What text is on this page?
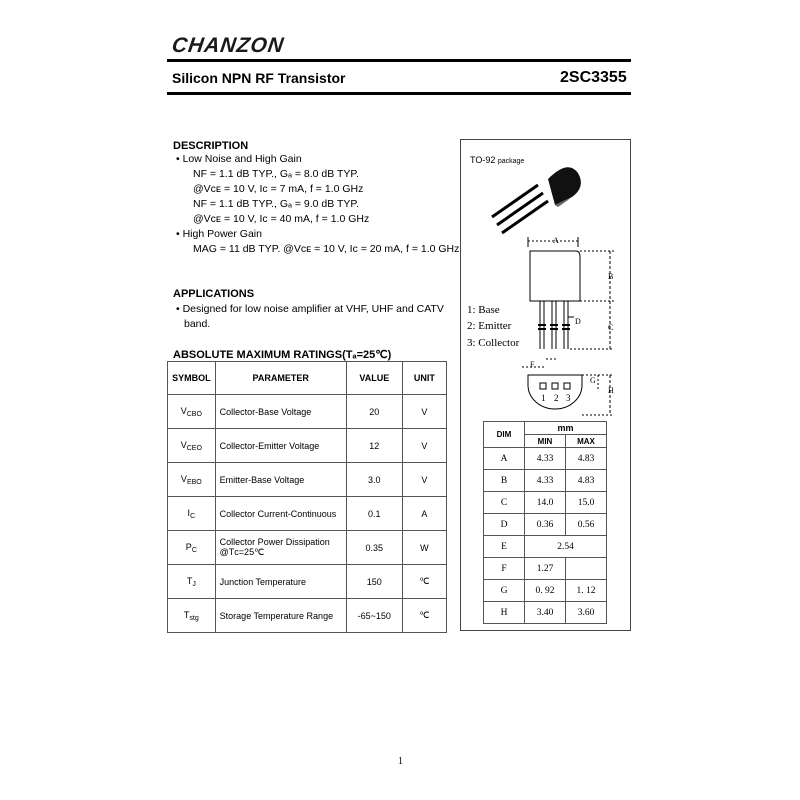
CHANZON
Silicon NPN RF Transistor	2SC3355
DESCRIPTION
• Low Noise and High Gain
NF = 1.1 dB TYP., Gₐ = 8.0 dB TYP.
@Vᴄᴇ = 10 V, Iᴄ = 7 mA, f = 1.0 GHz
NF = 1.1 dB TYP., Gₐ = 9.0 dB TYP.
@Vᴄᴇ = 10 V, Iᴄ = 40 mA, f = 1.0 GHz
• High Power Gain
MAG = 11 dB TYP. @Vᴄᴇ = 10 V, Iᴄ = 20 mA, f = 1.0 GHz
APPLICATIONS
• Designed for low noise amplifier at VHF, UHF and CATV
band.
ABSOLUTE MAXIMUM RATINGS(Tₐ=25℃)
SYMBOL	PARAMETER	VALUE	UNIT
$V_{CBO}$	Collector-Base Voltage	20	V
$V_{CEO}$	Collector-Emitter Voltage	12	V
$V_{EBO}$	Emitter-Base Voltage	3.0	V
$I_C$	Collector Current-Continuous	0.1	A
$P_C$	Collector Power Dissipation
@Tᴄ=25℃	0.35	W
$T_J$	Junction Temperature	150	℃
$T_{stg}$	Storage Temperature Range	-65~150	℃
TO-92 package
A
B
C
D
F
G
H
1 2 3
1: Base
2: Emitter
3: Collector
DIM	mm	
	MIN	MAX
A	4.33	4.83
B	4.33	4.83
C	14.0	15.0
D	0.36	0.56
E	2.54	
F	1.27	
G	0. 92	1. 12
H	3.40	3.60
1
